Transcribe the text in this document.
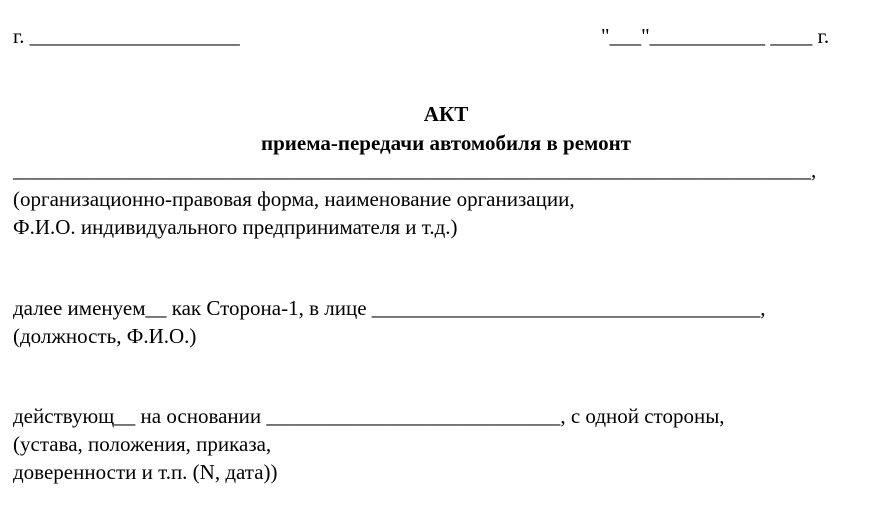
г. ____________________	"___"___________ ____ г.
АКТ
приема-передачи автомобиля в ремонт
____________________________________________________________________________,
(организационно-правовая форма, наименование организации,
Ф.И.О. индивидуального предпринимателя и т.д.)
далее именуем__ как Сторона-1, в лице _____________________________________,
(должность, Ф.И.О.)
действующ__ на основании ____________________________, с одной стороны,
(устава, положения, приказа,
доверенности и т.п. (N, дата))
